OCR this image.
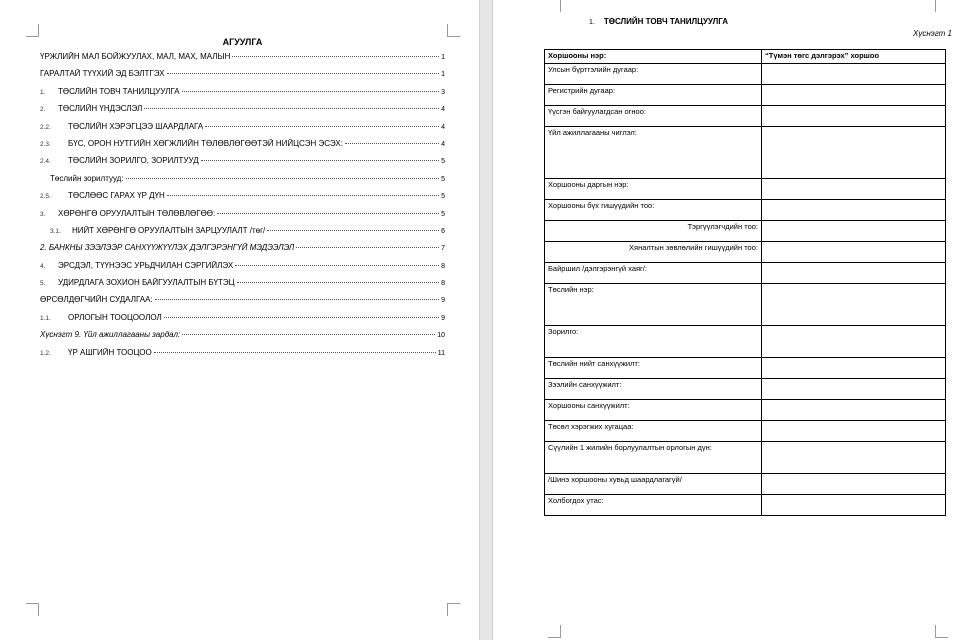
АГУУЛГА
ҮРЖЛИЙН МАЛ БОЙЖУУЛАХ, МАЛ, МАХ, МАЛЫН	1
ГАРАЛТАЙ ТҮҮХИЙ ЭД БЭЛТГЭХ	1
1.	ТӨСЛИЙН ТОВЧ ТАНИЛЦУУЛГА	3
2.	ТӨСЛИЙН ҮНДЭСЛЭЛ	4
2.2.	ТӨСЛИЙН ХЭРЭГЦЭЭ ШААРДЛАГА	4
2.3.	БҮС, ОРОН НУТГИЙН ХӨГЖЛИЙН ТӨЛӨВЛӨГӨӨТЭЙ НИЙЦСЭН ЭСЭХ:	4
2.4.	ТӨСЛИЙН ЗОРИЛГО, ЗОРИЛТУУД	5
Төслийн зорилтууд:	5
2.5.	ТӨСЛӨӨС ГАРАХ ҮР ДҮН	5
3.	ХӨРӨНГӨ ОРУУЛАЛТЫН ТӨЛӨВЛӨГӨӨ:	5
3.1.	НИЙТ ХӨРӨНГӨ ОРУУЛАЛТЫН ЗАРЦУУЛАЛТ /төг/	6
2. БАНКНЫ ЗЭЭЛЭЭР САНХҮҮЖҮҮЛЭХ ДЭЛГЭРЭНГҮЙ МЭДЭЭЛЭЛ	7
4.	ЭРСДЭЛ, ТҮҮНЭЭС УРЬДЧИЛАН СЭРГИЙЛЭХ	8
5.	УДИРДЛАГА ЗОХИОН БАЙГУУЛАЛТЫН БҮТЭЦ	8
ӨРСӨЛДӨГЧИЙН СУДАЛГАА:	9
1.1.	ОРЛОГЫН ТООЦООЛОЛ	9
Хүснэгт 9. Үйл ажиллагааны зардал:	10
1.2.	ҮР АШГИЙН ТООЦОО	11
1. ТӨСЛИЙН ТОВЧ ТАНИЛЦУУЛГА
Хүснэгт 1
Хоршооны нэр:	“Түмэн төгс дэлгэрэх” хоршоо
Улсын бүртгэлийн дугаар:	
Регистрийн дугаар:	
Үүсгэн байгуулагдсан огноо:	
Үйл ажиллагааны чиглэл:	
Хоршооны даргын нэр:	
Хоршооны бүх гишүүдийн тоо:	
Тэргүүлэгчдийн тоо:	
Хяналтын зөвлөлийн гишүүдийн тоо:	
Байршил /дэлгэрэнгүй хаяг/:	
Төслийн нэр:	
Зорилго:	
Төслийн нийт санхүүжилт:	
Зээлийн санхүүжилт:	
Хоршооны санхүүжилт:	
Төсөл хэрэгжих хугацаа:	
Сүүлийн 1 жилийн борлуулалтын орлогын дүн:	
/Шинэ хоршооны хувьд шаардлагагүй/	
Холбогдох утас:	
